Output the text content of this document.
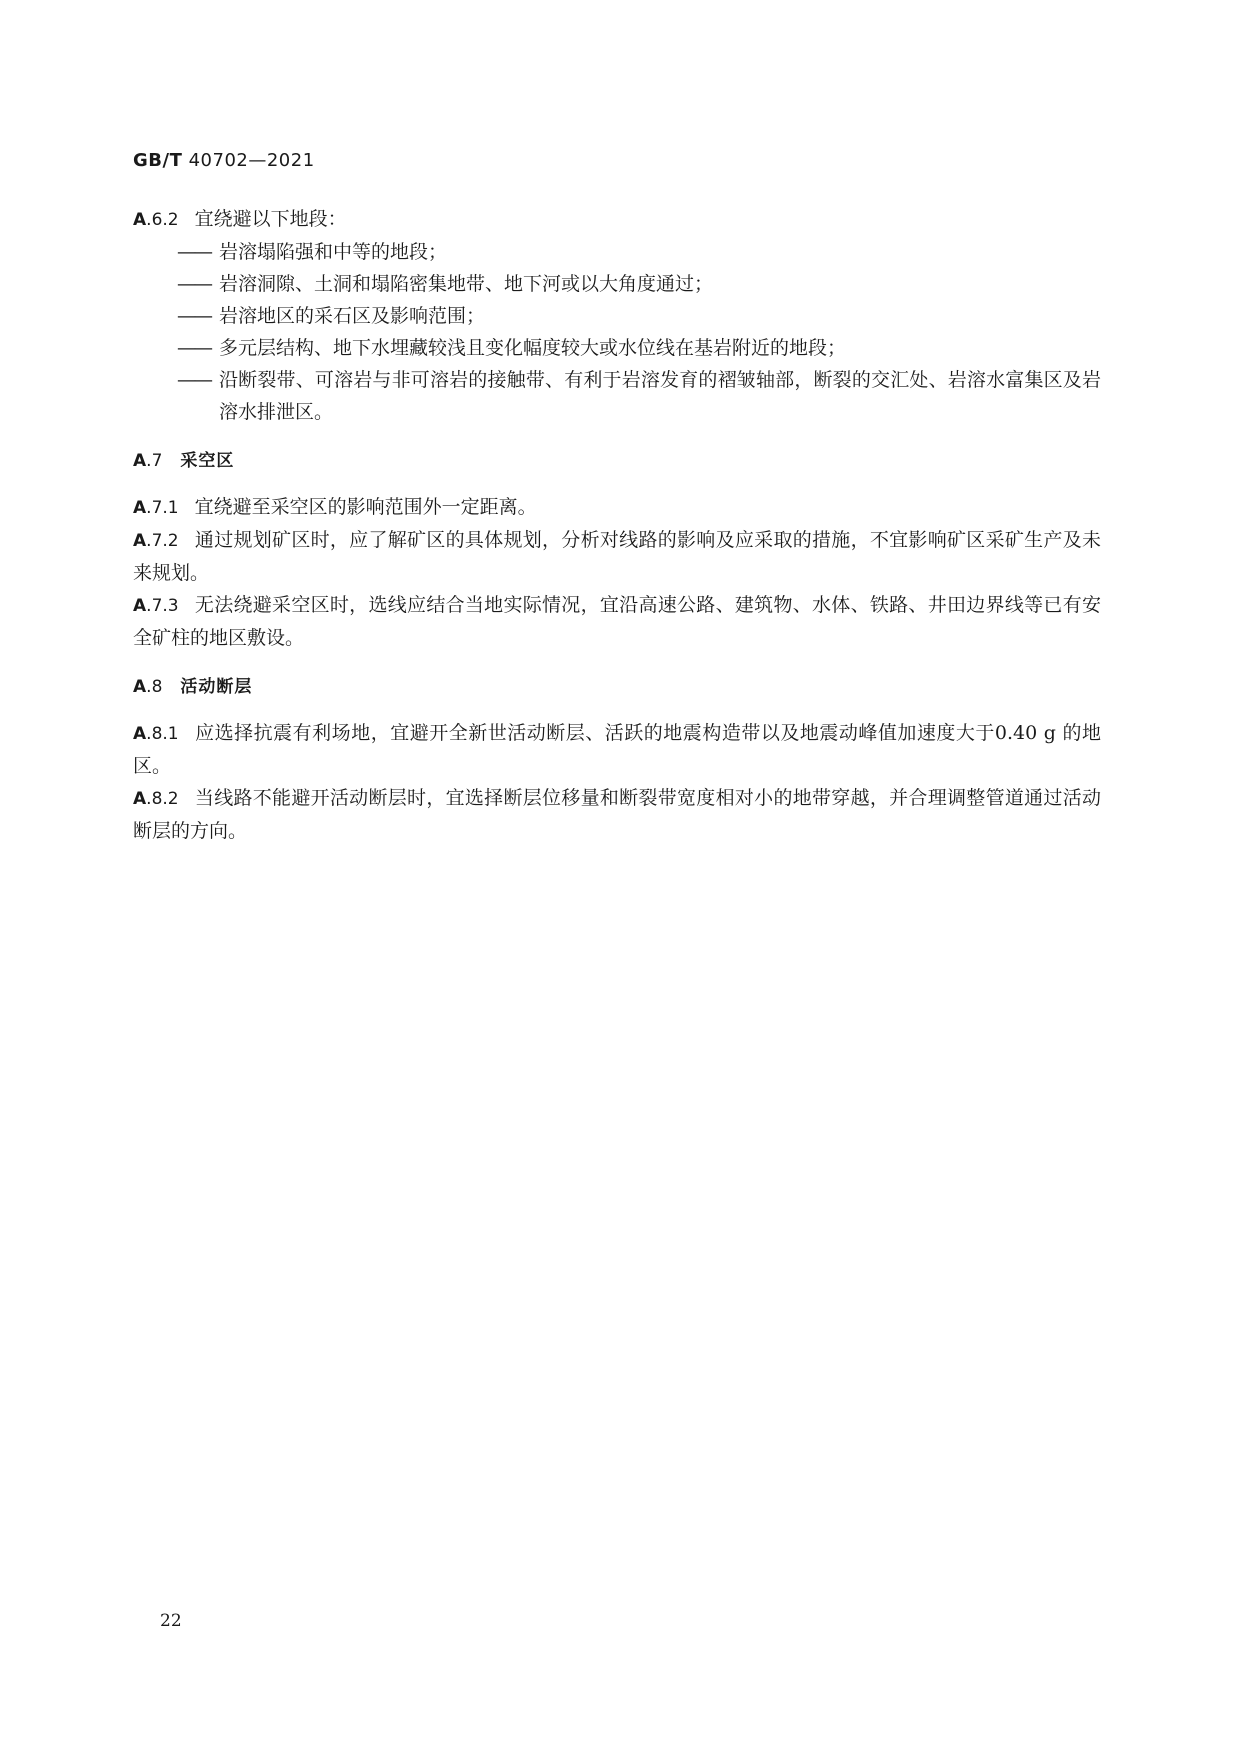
GB/T 40702—2021

A.6.2 宜绕避以下地段：

—— 岩溶塌陷强和中等的地段；

—— 岩溶洞隙、土洞和塌陷密集地带、地下河或以大角度通过；

—— 岩溶地区的采石区及影响范围；

—— 多元层结构、地下水埋藏较浅且变化幅度较大或水位线在基岩附近的地段；

—— 沿断裂带、可溶岩与非可溶岩的接触带、有利于岩溶发育的褶皱轴部，断裂的交汇处、岩溶水富集区及岩溶水排泄区。

A.7 采空区

A.7.1 宜绕避至采空区的影响范围外一定距离。

A.7.2 通过规划矿区时，应了解矿区的具体规划，分析对线路的影响及应采取的措施，不宜影响矿区采矿生产及未来规划。

A.7.3 无法绕避采空区时，选线应结合当地实际情况，宜沿高速公路、建筑物、水体、铁路、井田边界线等已有安全矿柱的地区敷设。

A.8 活动断层

A.8.1 应选择抗震有利场地，宜避开全新世活动断层、活跃的地震构造带以及地震动峰值加速度大于0.40 g 的地区。

A.8.2 当线路不能避开活动断层时，宜选择断层位移量和断裂带宽度相对小的地带穿越，并合理调整管道通过活动断层的方向。

22
